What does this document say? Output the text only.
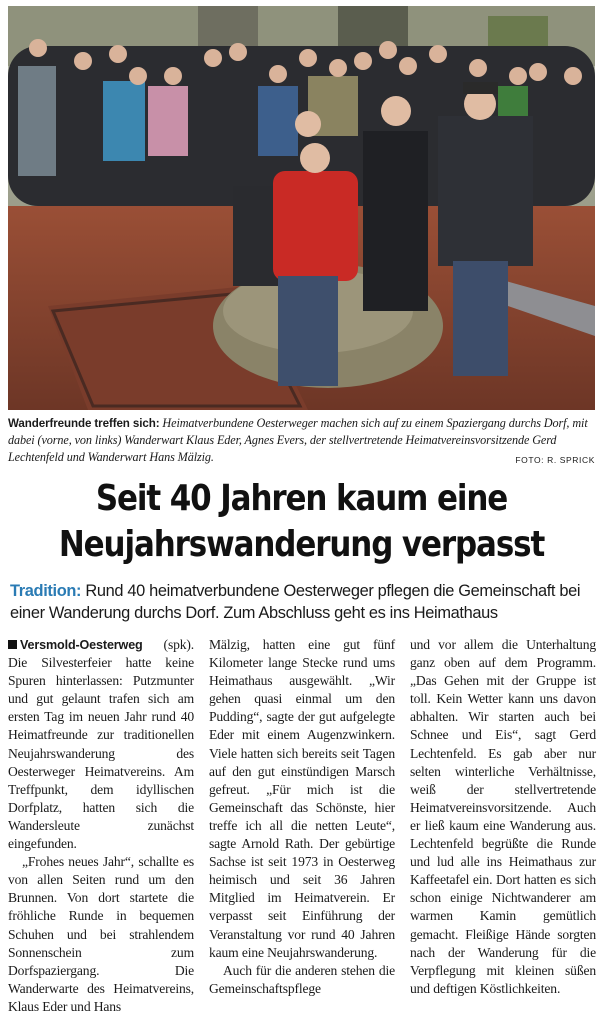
Wanderfreunde treffen sich: Heimatverbundene Oesterweger machen sich auf zu einem Spaziergang durchs Dorf, mit dabei (vorne, von links) Wanderwart Klaus Eder, Agnes Evers, der stellvertretende Heimatvereinsvorsitzende Gerd Lechtenfeld und Wanderwart Hans Mälzig.	FOTO: R. SPRICK
Seit 40 Jahren kaum eine
Neujahrswanderung verpasst
Tradition: Rund 40 heimatverbundene Oesterweger pflegen die Gemeinschaft bei einer Wanderung durchs Dorf. Zum Abschluss geht es ins Heimathaus

Versmold-Oesterweg (spk). Die Silvesterfeier hatte keine Spuren hinterlassen: Putzmunter und gut gelaunt trafen sich am ersten Tag im neuen Jahr rund 40 Heimatfreunde zur traditionellen Neujahrswanderung des Oesterweger Heimatvereins. Am Treffpunkt, dem idyllischen Dorfplatz, hatten sich die Wandersleute zunächst eingefunden.

„Frohes neues Jahr“, schallte es von allen Seiten rund um den Brunnen. Von dort startete die fröhliche Runde in bequemen Schuhen und bei strahlendem Sonnenschein zum Dorfspaziergang. Die Wanderwarte des Heimatvereins, Klaus Eder und Hans

Mälzig, hatten eine gut fünf Kilometer lange Stecke rund ums Heimathaus ausgewählt. „Wir gehen quasi einmal um den Pudding“, sagte der gut aufgelegte Eder mit einem Augenzwinkern. Viele hatten sich bereits seit Tagen auf den gut einstündigen Marsch gefreut. „Für mich ist die Gemeinschaft das Schönste, hier treffe ich all die netten Leute“, sagte Arnold Rath. Der gebürtige Sachse ist seit 1973 in Oesterweg heimisch und seit 36 Jahren Mitglied im Heimatverein. Er verpasst seit Einführung der Veranstaltung vor rund 40 Jahren kaum eine Neujahrswanderung.

Auch für die anderen stehen die Gemeinschaftspflege

und vor allem die Unterhaltung ganz oben auf dem Programm. „Das Gehen mit der Gruppe ist toll. Kein Wetter kann uns davon abhalten. Wir starten auch bei Schnee und Eis“, sagt Gerd Lechtenfeld. Es gab aber nur selten winterliche Verhältnisse, weiß der stellvertretende Heimatvereinsvorsitzende. Auch er ließ kaum eine Wanderung aus. Lechtenfeld begrüßte die Runde und lud alle ins Heimathaus zur Kaffeetafel ein. Dort hatten es sich schon einige Nichtwanderer am warmen Kamin gemütlich gemacht. Fleißige Hände sorgten nach der Wanderung für die Verpflegung mit kleinen süßen und deftigen Köstlichkeiten.
